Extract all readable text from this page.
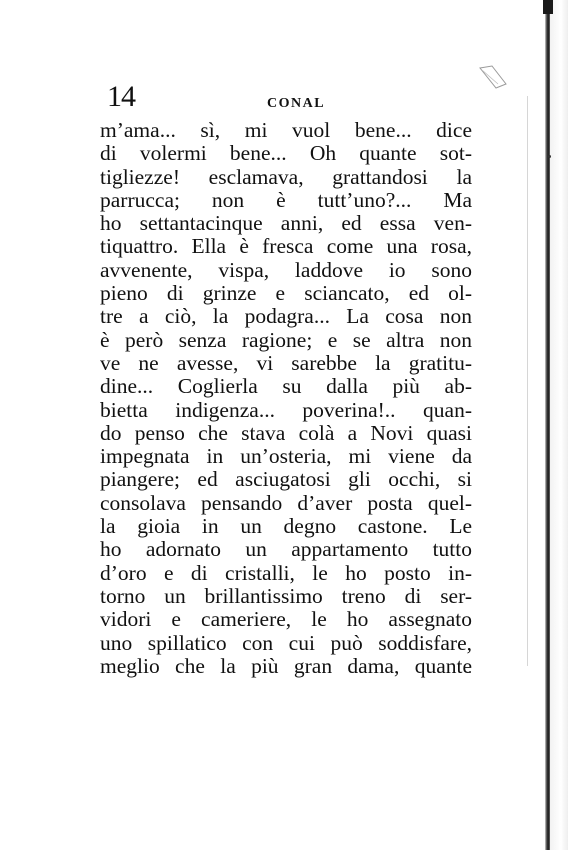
14	CONAL
m’ama... sì, mi vuol bene... dice
di volermi bene... Oh quante sot-
tigliezze! esclamava, grattandosi la
parrucca; non è tutt’uno?... Ma
ho settantacinque anni, ed essa ven-
tiquattro. Ella è fresca come una rosa,
avvenente, vispa, laddove io sono
pieno di grinze e sciancato, ed ol-
tre a ciò, la podagra... La cosa non
è però senza ragione; e se altra non
ve ne avesse, vi sarebbe la gratitu-
dine... Coglierla su dalla più ab-
bietta indigenza... poverina!.. quan-
do penso che stava colà a Novi quasi
impegnata in un’osteria, mi viene da
piangere; ed asciugatosi gli occhi, si
consolava pensando d’aver posta quel-
la gioia in un degno castone. Le
ho adornato un appartamento tutto
d’oro e di cristalli, le ho posto in-
torno un brillantissimo treno di ser-
vidori e cameriere, le ho assegnato
uno spillatico con cui può soddisfare,
meglio che la più gran dama, quante
